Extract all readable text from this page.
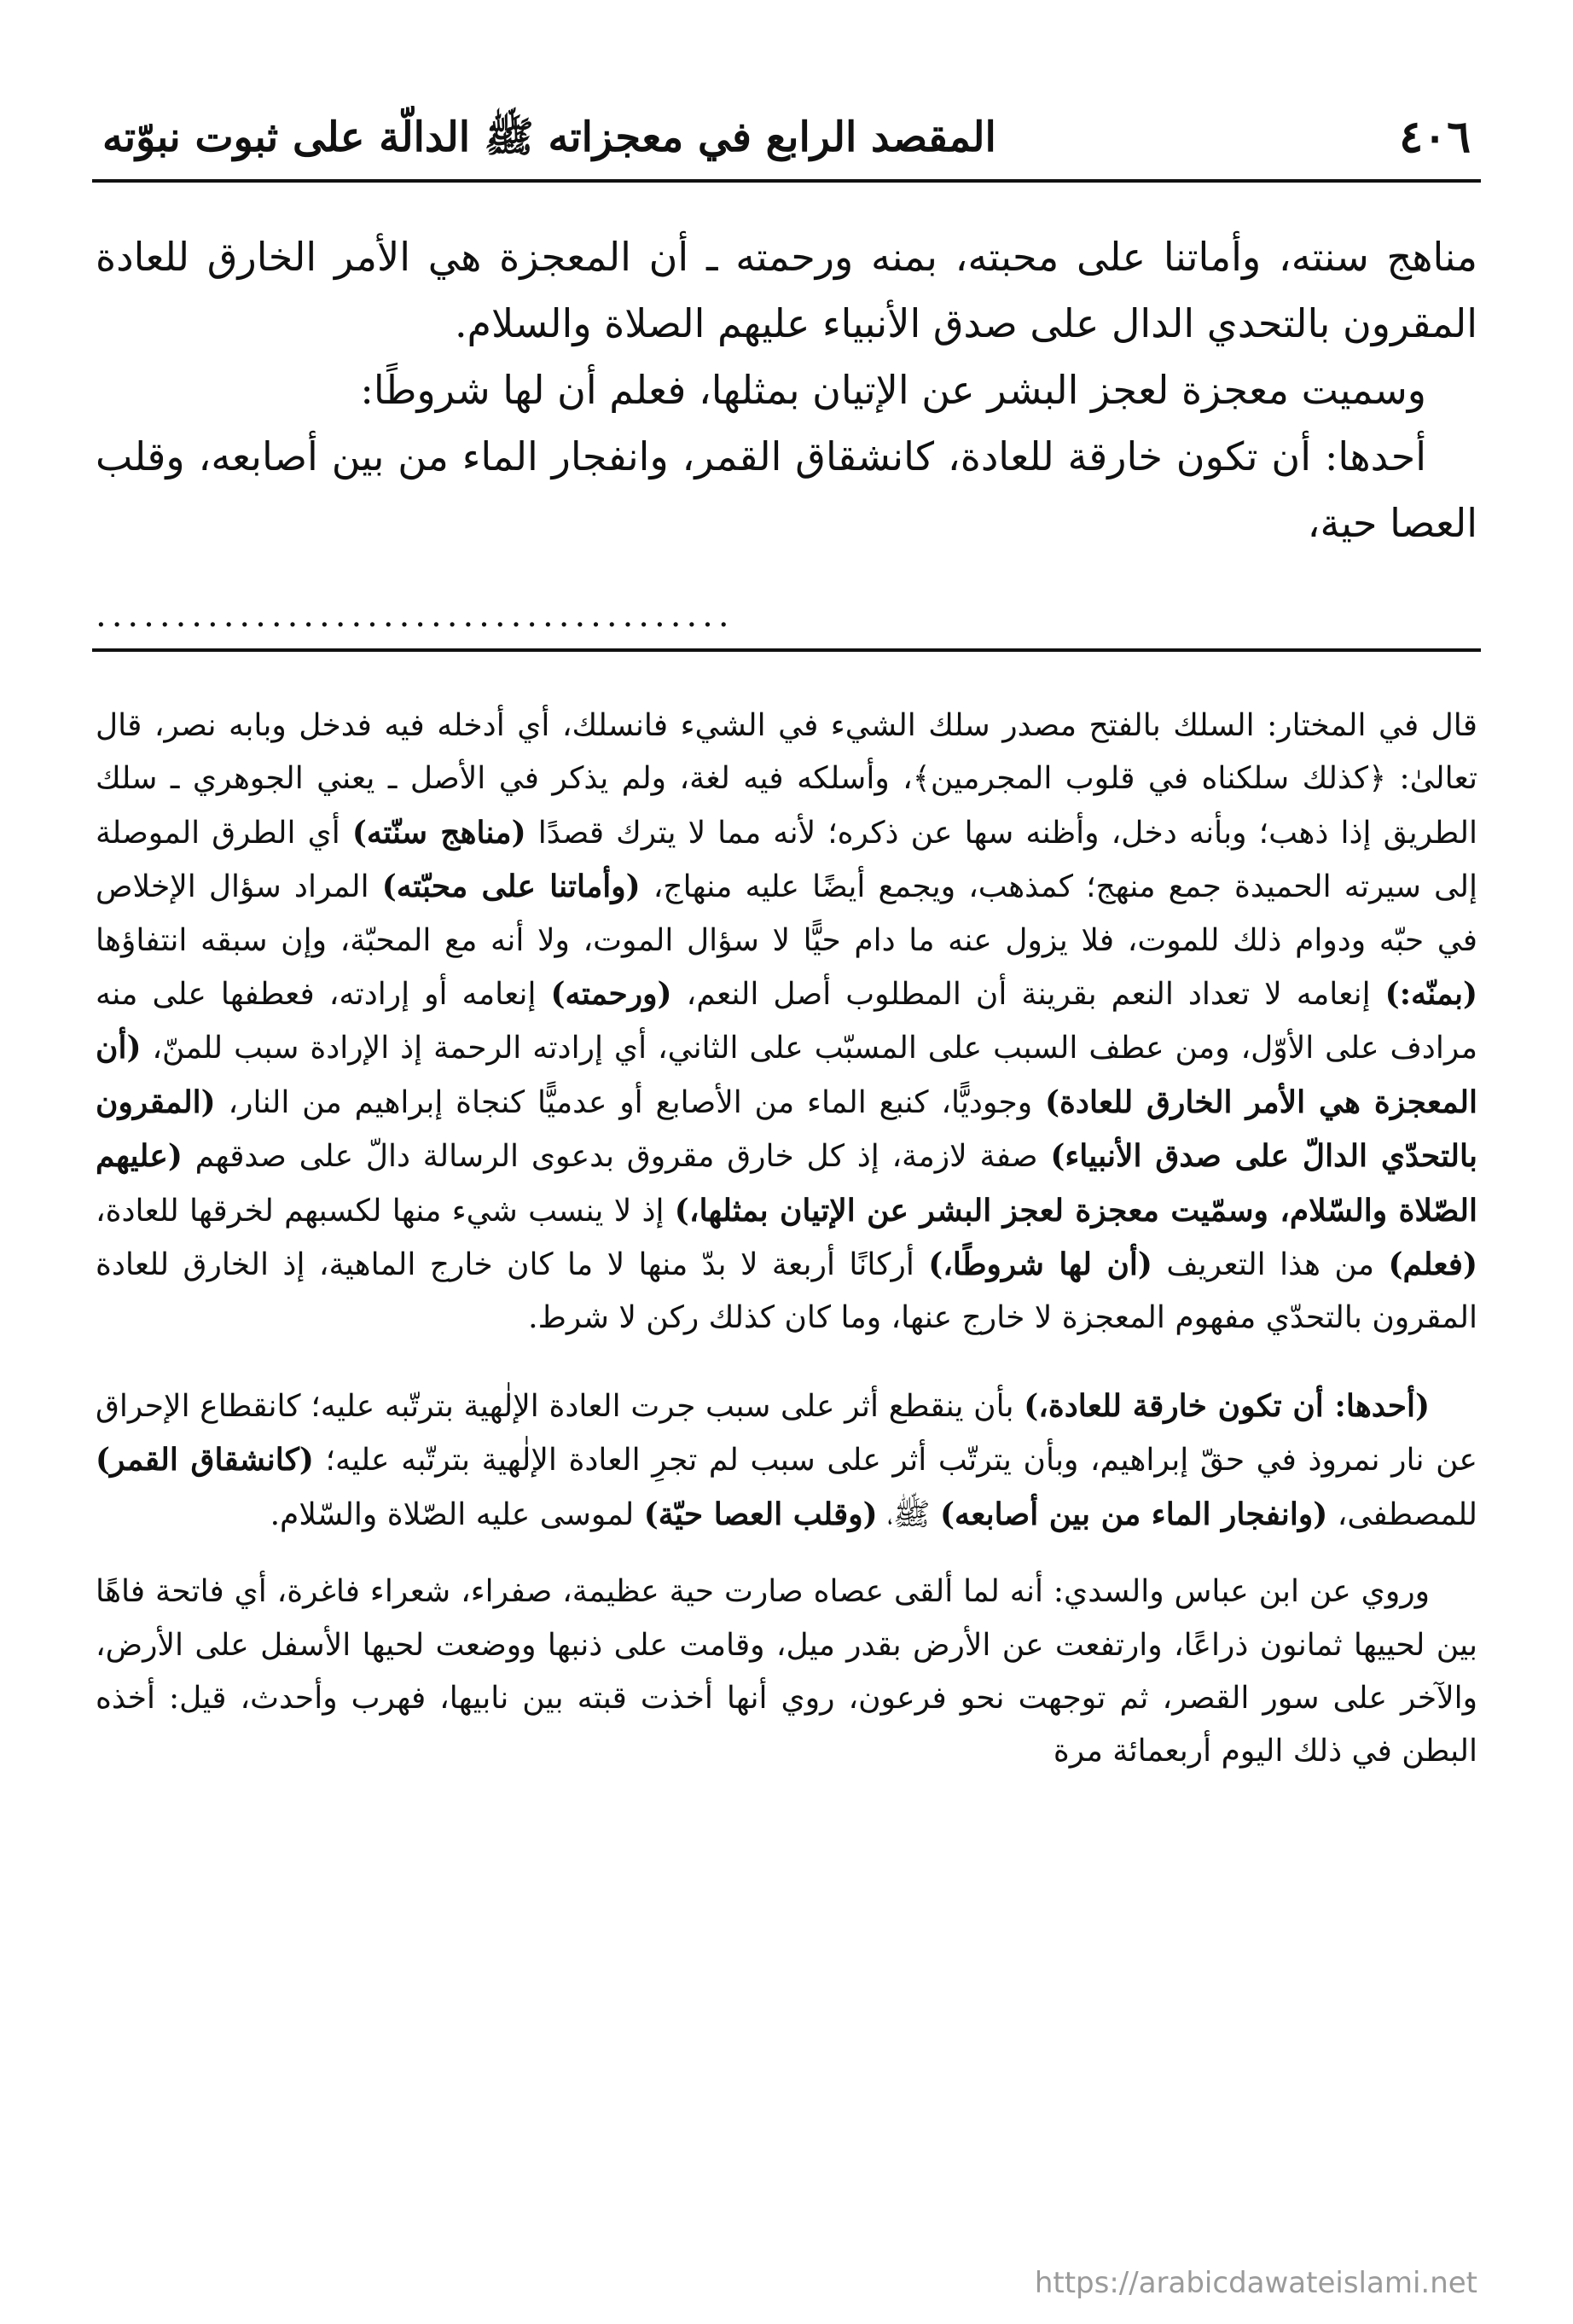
٤٠٦
المقصد الرابع في معجزاته ﷺ الدالّة على ثبوت نبوّته

مناهج سنته، وأماتنا على محبته، بمنه ورحمته ـ أن المعجزة هي الأمر الخارق للعادة المقرون بالتحدي الدال على صدق الأنبياء عليهم الصلاة والسلام.

وسميت معجزة لعجز البشر عن الإتيان بمثلها، فعلم أن لها شروطًا:

أحدها: أن تكون خارقة للعادة، كانشقاق القمر، وانفجار الماء من بين أصابعه، وقلب العصا حية،

........................................

قال في المختار: السلك بالفتح مصدر سلك الشيء في الشيء فانسلك، أي أدخله فيه فدخل وبابه نصر، قال تعالىٰ: ﴿كذلك سلكناه في قلوب المجرمين﴾، وأسلكه فيه لغة، ولم يذكر في الأصل ـ يعني الجوهري ـ سلك الطريق إذا ذهب؛ وبأنه دخل، وأظنه سها عن ذكره؛ لأنه مما لا يترك قصدًا (مناهج سنّته) أي الطرق الموصلة إلى سيرته الحميدة جمع منهج؛ كمذهب، ويجمع أيضًا عليه منهاج، (وأماتنا على محبّته) المراد سؤال الإخلاص في حبّه ودوام ذلك للموت، فلا يزول عنه ما دام حيًّا لا سؤال الموت، ولا أنه مع المحبّة، وإن سبقه انتفاؤها (بمنّه:) إنعامه لا تعداد النعم بقرينة أن المطلوب أصل النعم، (ورحمته) إنعامه أو إرادته، فعطفها على منه مرادف على الأوّل، ومن عطف السبب على المسبّب على الثاني، أي إرادته الرحمة إذ الإرادة سبب للمنّ، (أن المعجزة هي الأمر الخارق للعادة) وجوديًّا، كنبع الماء من الأصابع أو عدميًّا كنجاة إبراهيم من النار، (المقرون بالتحدّي الدالّ على صدق الأنبياء) صفة لازمة، إذ كل خارق مقروق بدعوى الرسالة دالّ على صدقهم (عليهم الصّلاة والسّلام، وسمّيت معجزة لعجز البشر عن الإتيان بمثلها،) إذ لا ينسب شيء منها لكسبهم لخرقها للعادة، (فعلم) من هذا التعريف (أن لها شروطًا،) أركانًا أربعة لا بدّ منها لا ما كان خارج الماهية، إذ الخارق للعادة المقرون بالتحدّي مفهوم المعجزة لا خارج عنها، وما كان كذلك ركن لا شرط.

(أحدها: أن تكون خارقة للعادة،) بأن ينقطع أثر على سبب جرت العادة الإلٰهية بترتّبه عليه؛ كانقطاع الإحراق عن نار نمروذ في حقّ إبراهيم، وبأن يترتّب أثر على سبب لم تجرِ العادة الإلٰهية بترتّبه عليه؛ (كانشقاق القمر) للمصطفى، (وانفجار الماء من بين أصابعه) ﷺ، (وقلب العصا حيّة) لموسى عليه الصّلاة والسّلام.

وروي عن ابن عباس والسدي: أنه لما ألقى عصاه صارت حية عظيمة، صفراء، شعراء فاغرة، أي فاتحة فاهًا بين لحييها ثمانون ذراعًا، وارتفعت عن الأرض بقدر ميل، وقامت على ذنبها ووضعت لحيها الأسفل على الأرض، والآخر على سور القصر، ثم توجهت نحو فرعون، روي أنها أخذت قبته بين نابيها، فهرب وأحدث، قيل: أخذه البطن في ذلك اليوم أربعمائة مرة

https://arabicdawateislami.net
